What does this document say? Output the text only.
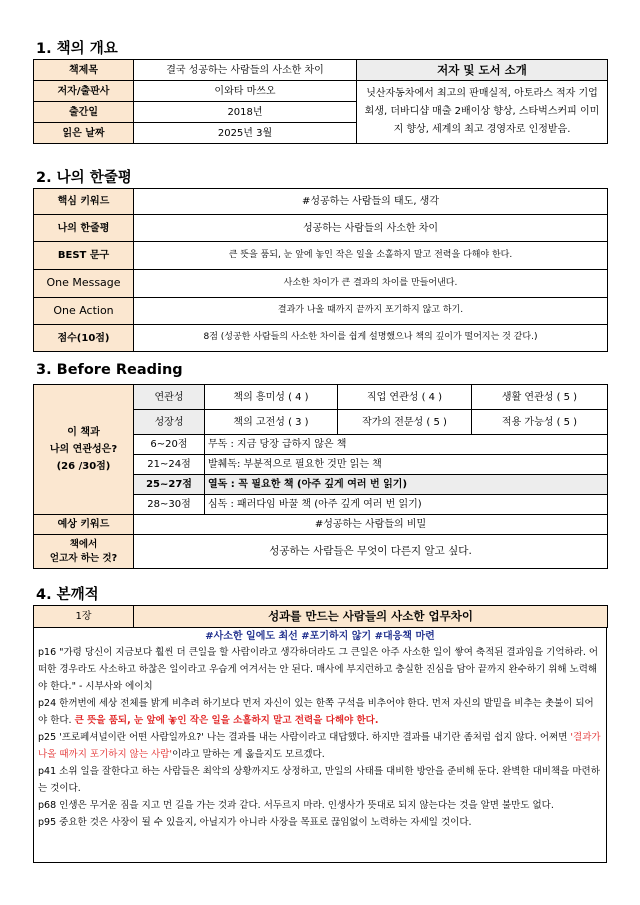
1. 책의 개요
책제목	결국 성공하는 사람들의 사소한 차이	저자 및 도서 소개
저자/출판사	이와타 마쓰오	닛산자동차에서 최고의 판매실적, 아토라스 적자 기업 회생, 더바디샵 매출 2배이상 향상, 스타벅스커피 이미지 향상, 세계의 최고 경영자로 인정받음.
출간일	2018년	
읽은 날짜	2025년 3월	
2. 나의 한줄평
핵심 키워드	#성공하는 사람들의 태도, 생각
나의 한줄평	성공하는 사람들의 사소한 차이
BEST 문구	큰 뜻을 품되, 눈 앞에 놓인 작은 일을 소홀하지 말고 전력을 다해야 한다.
One Message	사소한 차이가 큰 결과의 차이를 만들어낸다.
One Action	결과가 나올 때까지 끝까지 포기하지 않고 하기.
점수(10점)	8점 (성공한 사람들의 사소한 차이를 쉽게 설명했으나 책의 깊이가 떨어지는 것 같다.)
3. Before Reading
이 책과
나의 연관성은?
(26 /30점)	연관성	책의 흥미성 ( 4 )	직업 연관성 ( 4 )	생활 연관성 ( 5 )
	성장성	책의 고전성 ( 3 )	작가의 전문성 ( 5 )	적용 가능성 ( 5 )
	6~20점	무독 : 지금 당장 급하지 않은 책		
	21~24점	발췌독: 부분적으로 필요한 것만 읽는 책		
	25~27점	열독 : 꼭 필요한 책 (아주 깊게 여러 번 읽기)		
	28~30점	심독 : 패러다임 바꿀 책 (아주 깊게 여러 번 읽기)		
예상 키워드	#성공하는 사람들의 비밀			

책에서
얻고자 하는 것?	성공하는 사람들은 무엇이 다른지 알고 싶다.			
4. 본깨적
1장	성과를 만드는 사람들의 사소한 업무차이

#사소한 일에도 최선 #포기하지 않기 #대응책 마련

p16 "가령 당신이 지금보다 훨씬 더 큰일을 할 사람이라고 생각하더라도 그 큰일은 아주 사소한 일이 쌓여 축적된 결과임을 기억하라. 어떠한 경우라도 사소하고 하찮은 일이라고 우습게 여겨서는 안 된다. 매사에 부지런하고 충실한 진심을 담아 끝까지 완수하기 위해 노력해야 한다." - 시부사와 에이치

p24 한꺼번에 세상 전체를 밝게 비추려 하기보다 먼저 자신이 있는 한쪽 구석을 비추어야 한다. 먼저 자신의 발밑을 비추는 촛불이 되어야 한다. 큰 뜻을 품되, 눈 앞에 놓인 작은 일을 소홀하지 말고 전력을 다해야 한다.

p25 '프로페셔널이란 어떤 사람일까요?' 나는 결과를 내는 사람이라고 대답했다. 하지만 결과를 내기란 좀처럼 쉽지 않다. 어쩌면 '결과가 나올 때까지 포기하지 않는 사람'이라고 말하는 게 옳을지도 모르겠다.

p41 소위 일을 잘한다고 하는 사람들은 최악의 상황까지도 상정하고, 만일의 사태를 대비한 방안을 준비해 둔다. 완벽한 대비책을 마련하는 것이다.

p68 인생은 무거운 짐을 지고 먼 길을 가는 것과 같다. 서두르지 마라. 인생사가 뜻대로 되지 않는다는 것을 알면 불만도 없다.

p95 중요한 것은 사장이 될 수 있을지, 아닐지가 아니라 사장을 목표로 끊임없이 노력하는 자세일 것이다.
